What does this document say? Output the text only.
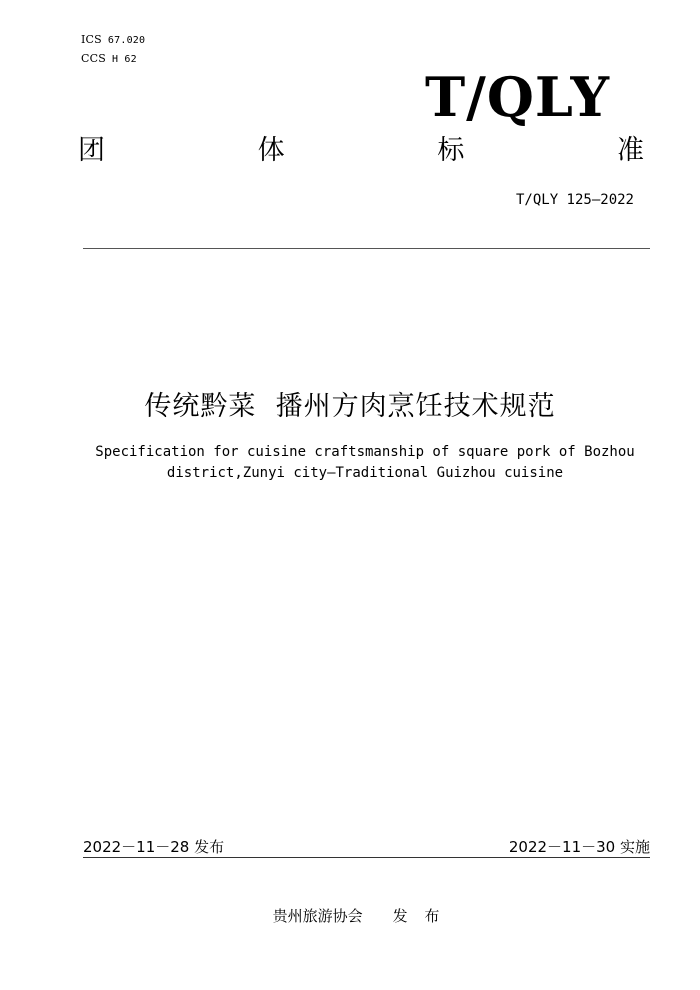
ICS 67.020
CCS H 62
T/QLY
团	体	标	准
T/QLY 125—2022
传统黔菜  播州方肉烹饪技术规范
Specification for cuisine craftsmanship of square pork of Bozhou
district,Zunyi city—Traditional Guizhou cuisine
2022－11－28 发布	2022－11－30 实施
贵州旅游协会 发 布
